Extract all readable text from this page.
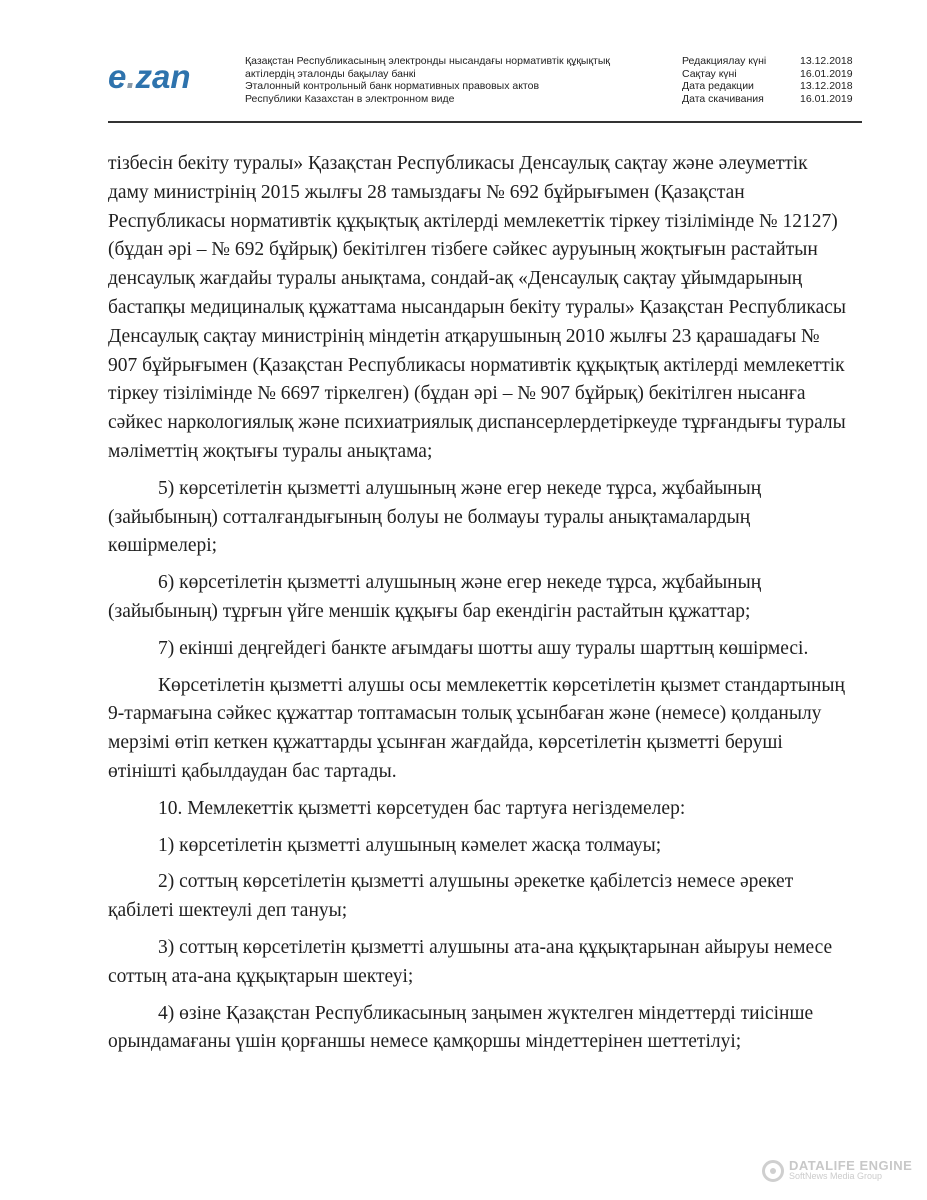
e.zan	Қазақстан Республикасының электронды нысандағы нормативтік құқықтық
актілердің эталонды бақылау банкі
Эталонный контрольный банк нормативных правовых актов
Республики Казахстан в электронном виде
Редакциялау күні	13.12.2018
Сақтау күні	16.01.2019
Дата редакции	13.12.2018
Дата скачивания	16.01.2019

тізбесін бекіту туралы» Қазақстан Республикасы Денсаулық сақтау және әлеуметтік даму министрінің 2015 жылғы 28 тамыздағы № 692 бұйрығымен (Қазақстан Республикасы нормативтік құқықтық актілерді мемлекеттік тіркеу тізілімінде № 12127) (бұдан әрі – № 692 бұйрық) бекітілген тізбеге сәйкес ауруының жоқтығын растайтын денсаулық жағдайы туралы анықтама, сондай-ақ «Денсаулық сақтау ұйымдарының бастапқы медициналық құжаттама нысандарын бекіту туралы» Қазақстан Республикасы Денсаулық сақтау министрінің міндетін атқарушының 2010 жылғы 23 қарашадағы № 907 бұйрығымен (Қазақстан Республикасы нормативтік құқықтық актілерді мемлекеттік тіркеу тізілімінде № 6697 тіркелген) (бұдан әрі – № 907 бұйрық) бекітілген нысанға сәйкес наркологиялық және психиатриялық диспансерлердетіркеуде тұрғандығы туралы мәліметтің жоқтығы туралы анықтама;

5) көрсетілетін қызметті алушының және егер некеде тұрса, жұбайының (зайыбының) сотталғандығының болуы не болмауы туралы анықтамалардың көшірмелері;

6) көрсетілетін қызметті алушының және егер некеде тұрса, жұбайының (зайыбының) тұрғын үйге меншік құқығы бар екендігін растайтын құжаттар;

7) екінші деңгейдегі банкте ағымдағы шотты ашу туралы шарттың көшірмесі.

Көрсетілетін қызметті алушы осы мемлекеттік көрсетілетін қызмет стандартының 9-тармағына сәйкес құжаттар топтамасын толық ұсынбаған және (немесе) қолданылу мерзімі өтіп кеткен құжаттарды ұсынған жағдайда, көрсетілетін қызметті беруші өтінішті қабылдаудан бас тартады.

10. Мемлекеттік қызметті көрсетуден бас тартуға негіздемелер:

1) көрсетілетін қызметті алушының кәмелет жасқа толмауы;

2) соттың көрсетілетін қызметті алушыны әрекетке қабілетсіз немесе әрекет қабілеті шектеулі деп тануы;

3) соттың көрсетілетін қызметті алушыны ата-ана құқықтарынан айыруы немесе соттың ата-ана құқықтарын шектеуі;

4) өзіне Қазақстан Республикасының заңымен жүктелген міндеттерді тиісінше орындамағаны үшін қорғаншы немесе қамқоршы міндеттерінен шеттетілуі;

DATALIFE ENGINE
SoftNews Media Group
